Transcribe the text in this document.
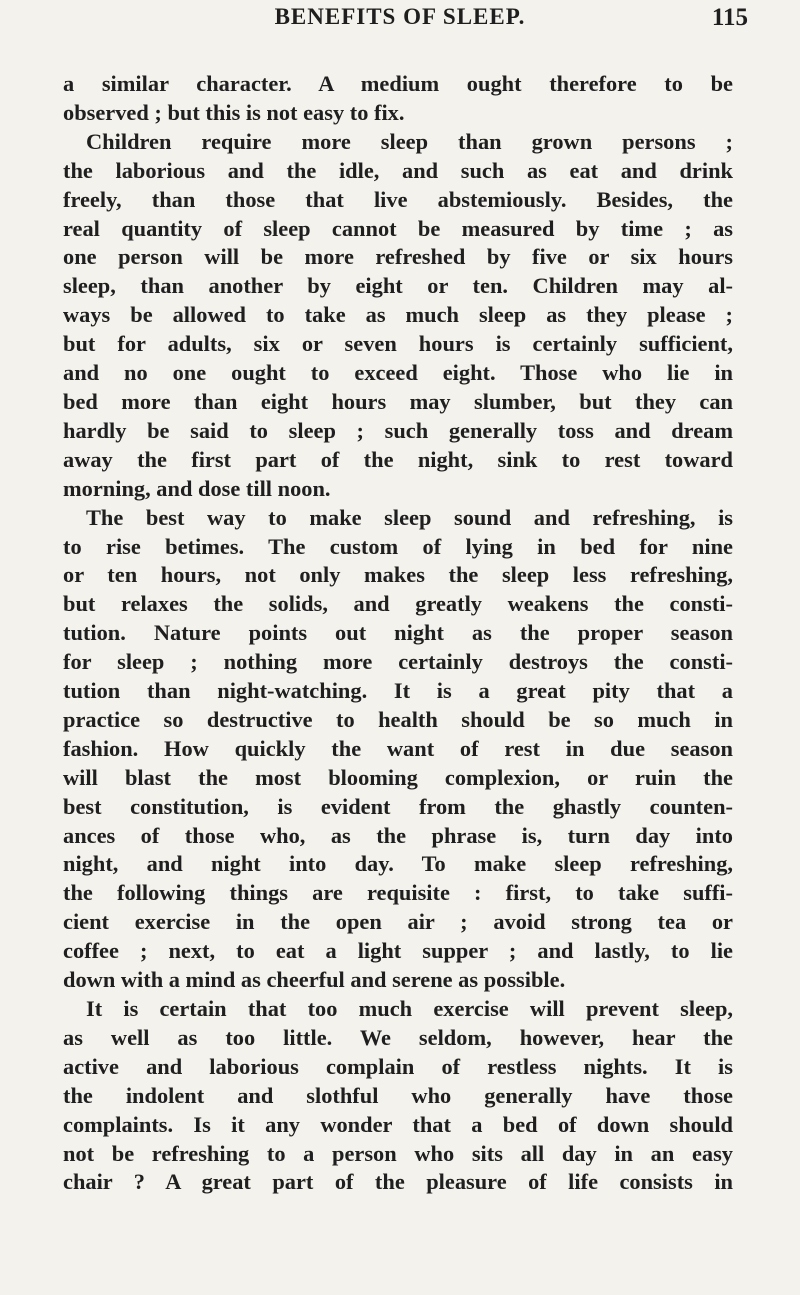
BENEFITS OF SLEEP.	115
a similar character. A medium ought therefore to be
observed ; but this is not easy to fix.
Children require more sleep than grown persons ;
the laborious and the idle, and such as eat and drink
freely, than those that live abstemiously. Besides, the
real quantity of sleep cannot be measured by time ; as
one person will be more refreshed by five or six hours
sleep, than another by eight or ten. Children may al-
ways be allowed to take as much sleep as they please ;
but for adults, six or seven hours is certainly sufficient,
and no one ought to exceed eight. Those who lie in
bed more than eight hours may slumber, but they can
hardly be said to sleep ; such generally toss and dream
away the first part of the night, sink to rest toward
morning, and dose till noon.
The best way to make sleep sound and refreshing, is
to rise betimes. The custom of lying in bed for nine
or ten hours, not only makes the sleep less refreshing,
but relaxes the solids, and greatly weakens the consti-
tution. Nature points out night as the proper season
for sleep ; nothing more certainly destroys the consti-
tution than night-watching. It is a great pity that a
practice so destructive to health should be so much in
fashion. How quickly the want of rest in due season
will blast the most blooming complexion, or ruin the
best constitution, is evident from the ghastly counten-
ances of those who, as the phrase is, turn day into
night, and night into day. To make sleep refreshing,
the following things are requisite : first, to take suffi-
cient exercise in the open air ; avoid strong tea or
coffee ; next, to eat a light supper ; and lastly, to lie
down with a mind as cheerful and serene as possible.
It is certain that too much exercise will prevent sleep,
as well as too little. We seldom, however, hear the
active and laborious complain of restless nights. It is
the indolent and slothful who generally have those
complaints. Is it any wonder that a bed of down should
not be refreshing to a person who sits all day in an easy
chair ? A great part of the pleasure of life consists in
